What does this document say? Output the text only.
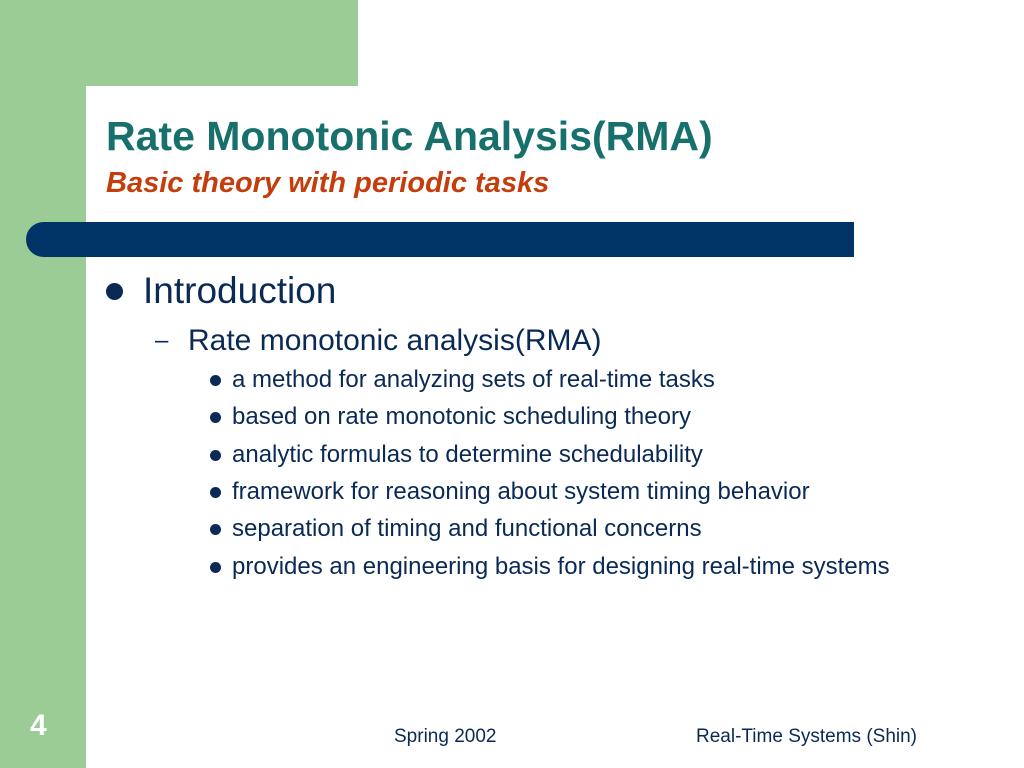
Rate Monotonic Analysis(RMA)
Basic theory with periodic tasks
Introduction
– Rate monotonic analysis(RMA)
a method for analyzing sets of real-time tasks
based on rate monotonic scheduling theory
analytic formulas to determine schedulability
framework for reasoning about system timing behavior
separation of timing and functional concerns
provides an engineering basis for designing real-time systems
4	Spring 2002	Real-Time Systems (Shin)
